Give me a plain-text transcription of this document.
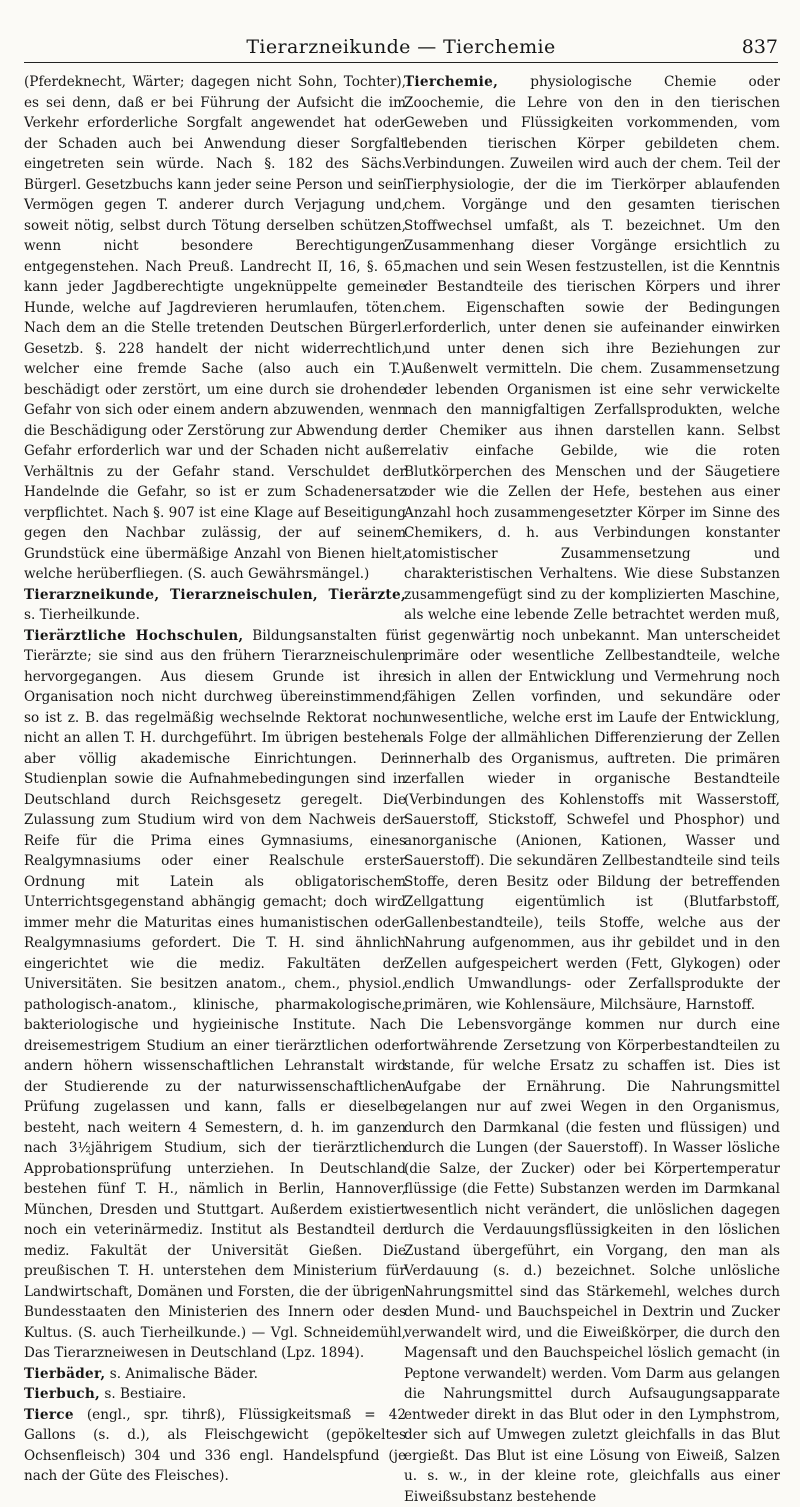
Tierarzneikunde — Tierchemie	837

(Pferdeknecht, Wärter; dagegen nicht Sohn, Tochter), es sei denn, daß er bei Führung der Aufsicht die im Verkehr erforderliche Sorgfalt angewendet hat oder der Schaden auch bei Anwendung dieser Sorgfalt eingetreten sein würde. Nach §. 182 des Sächs. Bürgerl. Gesetzbuchs kann jeder seine Person und sein Vermögen gegen T. anderer durch Verjagung und, soweit nötig, selbst durch Tötung derselben schützen, wenn nicht besondere Berechtigungen entgegenstehen. Nach Preuß. Landrecht II, 16, §. 65, kann jeder Jagdberechtigte ungeknüppelte gemeine Hunde, welche auf Jagdrevieren herumlaufen, töten. Nach dem an die Stelle tretenden Deutschen Bürgerl. Gesetzb. §. 228 handelt der nicht widerrechtlich, welcher eine fremde Sache (also auch ein T.) beschädigt oder zerstört, um eine durch sie drohende Gefahr von sich oder einem andern abzuwenden, wenn die Beschädigung oder Zerstörung zur Abwendung der Gefahr erforderlich war und der Schaden nicht außer Verhältnis zu der Gefahr stand. Verschuldet der Handelnde die Gefahr, so ist er zum Schadenersatz verpflichtet. Nach §. 907 ist eine Klage auf Beseitigung gegen den Nachbar zulässig, der auf seinem Grundstück eine übermäßige Anzahl von Bienen hielt, welche herüberfliegen. (S. auch Gewährsmängel.)

Tierarzneikunde, Tierarzneischulen, Tierärzte, s. Tierheilkunde.

Tierärztliche Hochschulen, Bildungsanstalten für Tierärzte; sie sind aus den frühern Tierarzneischulen hervorgegangen. Aus diesem Grunde ist ihre Organisation noch nicht durchweg übereinstimmend; so ist z. B. das regelmäßig wechselnde Rektorat noch nicht an allen T. H. durchgeführt. Im übrigen bestehen aber völlig akademische Einrichtungen. Der Studienplan sowie die Aufnahmebedingungen sind in Deutschland durch Reichsgesetz geregelt. Die Zulassung zum Studium wird von dem Nachweis der Reife für die Prima eines Gymnasiums, eines Realgymnasiums oder einer Realschule erster Ordnung mit Latein als obligatorischem Unterrichtsgegenstand abhängig gemacht; doch wird immer mehr die Maturitas eines humanistischen oder Realgymnasiums gefordert. Die T. H. sind ähnlich eingerichtet wie die mediz. Fakultäten der Universitäten. Sie besitzen anatom., chem., physiol., pathologisch-anatom., klinische, pharmakologische, bakteriologische und hygieinische Institute. Nach dreisemestrigem Studium an einer tierärztlichen oder andern höhern wissenschaftlichen Lehranstalt wird der Studierende zu der naturwissenschaftlichen Prüfung zugelassen und kann, falls er dieselbe besteht, nach weitern 4 Semestern, d. h. im ganzen nach 3½jährigem Studium, sich der tierärztlichen Approbationsprüfung unterziehen. In Deutschland bestehen fünf T. H., nämlich in Berlin, Hannover, München, Dresden und Stuttgart. Außerdem existiert noch ein veterinärmediz. Institut als Bestandteil der mediz. Fakultät der Universität Gießen. Die preußischen T. H. unterstehen dem Ministerium für Landwirtschaft, Domänen und Forsten, die der übrigen Bundesstaaten den Ministerien des Innern oder des Kultus. (S. auch Tierheilkunde.) — Vgl. Schneidemühl, Das Tierarzneiwesen in Deutschland (Lpz. 1894).

Tierbäder, s. Animalische Bäder.

Tierbuch, s. Bestiaire.

Tierce (engl., spr. tihrß), Flüssigkeitsmaß = 42 Gallons (s. d.), als Fleischgewicht (gepökeltes Ochsenfleisch) 304 und 336 engl. Handelspfund (je nach der Güte des Fleisches).

Tierchemie, physiologische Chemie oder Zoochemie, die Lehre von den in den tierischen Geweben und Flüssigkeiten vorkommenden, vom lebenden tierischen Körper gebildeten chem. Verbindungen. Zuweilen wird auch der chem. Teil der Tierphysiologie, der die im Tierkörper ablaufenden chem. Vorgänge und den gesamten tierischen Stoffwechsel umfaßt, als T. bezeichnet. Um den Zusammenhang dieser Vorgänge ersichtlich zu machen und sein Wesen festzustellen, ist die Kenntnis der Bestandteile des tierischen Körpers und ihrer chem. Eigenschaften sowie der Bedingungen erforderlich, unter denen sie aufeinander einwirken und unter denen sich ihre Beziehungen zur Außenwelt vermitteln. Die chem. Zusammensetzung der lebenden Organismen ist eine sehr verwickelte nach den mannigfaltigen Zerfallsprodukten, welche der Chemiker aus ihnen darstellen kann. Selbst relativ einfache Gebilde, wie die roten Blutkörperchen des Menschen und der Säugetiere oder wie die Zellen der Hefe, bestehen aus einer Anzahl hoch zusammengesetzter Körper im Sinne des Chemikers, d. h. aus Verbindungen konstanter atomistischer Zusammensetzung und charakteristischen Verhaltens. Wie diese Substanzen zusammengefügt sind zu der komplizierten Maschine, als welche eine lebende Zelle betrachtet werden muß, ist gegenwärtig noch unbekannt. Man unterscheidet primäre oder wesentliche Zellbestandteile, welche sich in allen der Entwicklung und Vermehrung noch fähigen Zellen vorfinden, und sekundäre oder unwesentliche, welche erst im Laufe der Entwicklung, als Folge der allmählichen Differenzierung der Zellen innerhalb des Organismus, auftreten. Die primären zerfallen wieder in organische Bestandteile (Verbindungen des Kohlenstoffs mit Wasserstoff, Sauerstoff, Stickstoff, Schwefel und Phosphor) und anorganische (Anionen, Kationen, Wasser und Sauerstoff). Die sekundären Zellbestandteile sind teils Stoffe, deren Besitz oder Bildung der betreffenden Zellgattung eigentümlich ist (Blutfarbstoff, Gallenbestandteile), teils Stoffe, welche aus der Nahrung aufgenommen, aus ihr gebildet und in den Zellen aufgespeichert werden (Fett, Glykogen) oder endlich Umwandlungs- oder Zerfallsprodukte der primären, wie Kohlensäure, Milchsäure, Harnstoff.

Die Lebensvorgänge kommen nur durch eine fortwährende Zersetzung von Körperbestandteilen zu stande, für welche Ersatz zu schaffen ist. Dies ist Aufgabe der Ernährung. Die Nahrungsmittel gelangen nur auf zwei Wegen in den Organismus, durch den Darmkanal (die festen und flüssigen) und durch die Lungen (der Sauerstoff). In Wasser lösliche (die Salze, der Zucker) oder bei Körpertemperatur flüssige (die Fette) Substanzen werden im Darmkanal wesentlich nicht verändert, die unlöslichen dagegen durch die Verdauungsflüssigkeiten in den löslichen Zustand übergeführt, ein Vorgang, den man als Verdauung (s. d.) bezeichnet. Solche unlösliche Nahrungsmittel sind das Stärkemehl, welches durch den Mund- und Bauchspeichel in Dextrin und Zucker verwandelt wird, und die Eiweißkörper, die durch den Magensaft und den Bauchspeichel löslich gemacht (in Peptone verwandelt) werden. Vom Darm aus gelangen die Nahrungsmittel durch Aufsaugungsapparate entweder direkt in das Blut oder in den Lymphstrom, der sich auf Umwegen zuletzt gleichfalls in das Blut ergießt. Das Blut ist eine Lösung von Eiweiß, Salzen u. s. w., in der kleine rote, gleichfalls aus einer Eiweißsubstanz bestehende
